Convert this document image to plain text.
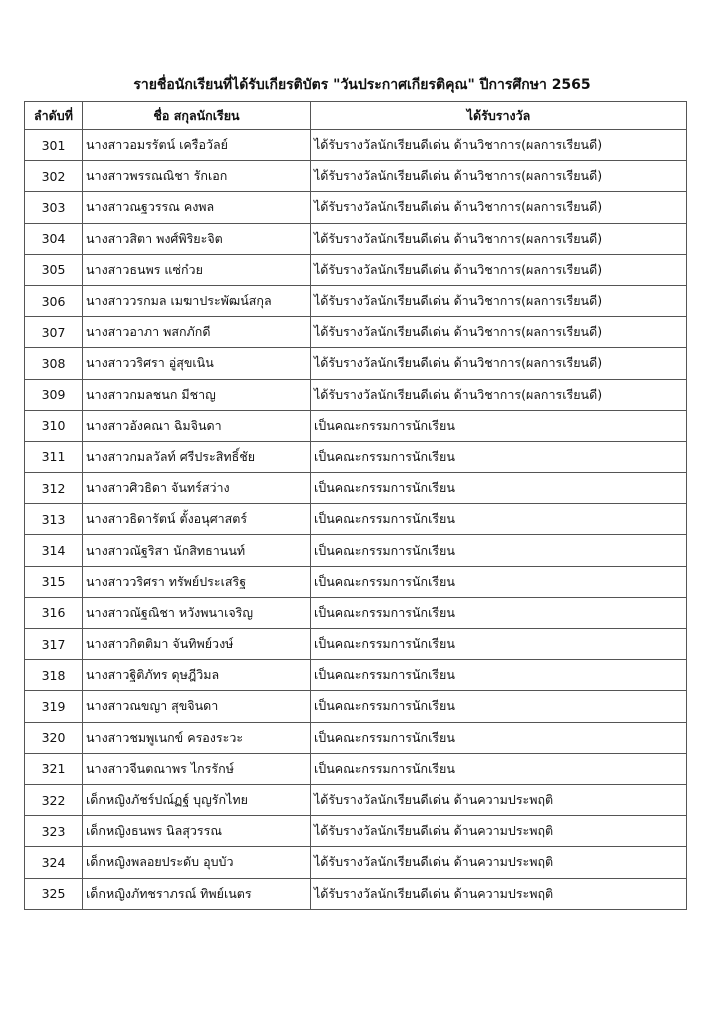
รายชื่อนักเรียนที่ได้รับเกียรติบัตร "วันประกาศเกียรติคุณ" ปีการศึกษา 2565
ลำดับที่	ชื่อ สกุลนักเรียน	ได้รับรางวัล
301	นางสาวอมรรัตน์ เครือวัลย์	ได้รับรางวัลนักเรียนดีเด่น ด้านวิชาการ(ผลการเรียนดี)
302	นางสาวพรรณณิชา รักเอก	ได้รับรางวัลนักเรียนดีเด่น ด้านวิชาการ(ผลการเรียนดี)
303	นางสาวณฐวรรณ คงพล	ได้รับรางวัลนักเรียนดีเด่น ด้านวิชาการ(ผลการเรียนดี)
304	นางสาวสิตา พงศ์พิริยะจิต	ได้รับรางวัลนักเรียนดีเด่น ด้านวิชาการ(ผลการเรียนดี)
305	นางสาวธนพร แซ่ก๋วย	ได้รับรางวัลนักเรียนดีเด่น ด้านวิชาการ(ผลการเรียนดี)
306	นางสาววรกมล เมฆาประพัฒน์สกุล	ได้รับรางวัลนักเรียนดีเด่น ด้านวิชาการ(ผลการเรียนดี)
307	นางสาวอาภา พสกภักดี	ได้รับรางวัลนักเรียนดีเด่น ด้านวิชาการ(ผลการเรียนดี)
308	นางสาววริศรา อู่สุขเนิน	ได้รับรางวัลนักเรียนดีเด่น ด้านวิชาการ(ผลการเรียนดี)
309	นางสาวกมลชนก มีชาญ	ได้รับรางวัลนักเรียนดีเด่น ด้านวิชาการ(ผลการเรียนดี)
310	นางสาวอังคณา ฉิมจินดา	เป็นคณะกรรมการนักเรียน
311	นางสาวกมลวัลท์ ศรีประสิทธิ์ชัย	เป็นคณะกรรมการนักเรียน
312	นางสาวศิวธิดา จันทร์สว่าง	เป็นคณะกรรมการนักเรียน
313	นางสาวธิดารัตน์ ตั้งอนุศาสตร์	เป็นคณะกรรมการนักเรียน
314	นางสาวณัฐริสา นักสิทธานนท์	เป็นคณะกรรมการนักเรียน
315	นางสาววริศรา ทรัพย์ประเสริฐ	เป็นคณะกรรมการนักเรียน
316	นางสาวณัฐณิชา หวังพนาเจริญ	เป็นคณะกรรมการนักเรียน
317	นางสาวกิตติมา จันทิพย์วงษ์	เป็นคณะกรรมการนักเรียน
318	นางสาวฐิติภัทร ดุษฎีวิมล	เป็นคณะกรรมการนักเรียน
319	นางสาวณขญา สุขจินดา	เป็นคณะกรรมการนักเรียน
320	นางสาวชมพูเนกข์ ครองระวะ	เป็นคณะกรรมการนักเรียน
321	นางสาวจีนตณาพร ไกรรักษ์	เป็นคณะกรรมการนักเรียน
322	เด็กหญิงภัชร์ปณ์ฏฐ์ บุญรักไทย	ได้รับรางวัลนักเรียนดีเด่น ด้านความประพฤติ
323	เด็กหญิงธนพร นิลสุวรรณ	ได้รับรางวัลนักเรียนดีเด่น ด้านความประพฤติ
324	เด็กหญิงพลอยประดับ อุบบัว	ได้รับรางวัลนักเรียนดีเด่น ด้านความประพฤติ
325	เด็กหญิงภัทชราภรณ์ ทิพย์เนตร	ได้รับรางวัลนักเรียนดีเด่น ด้านความประพฤติ
